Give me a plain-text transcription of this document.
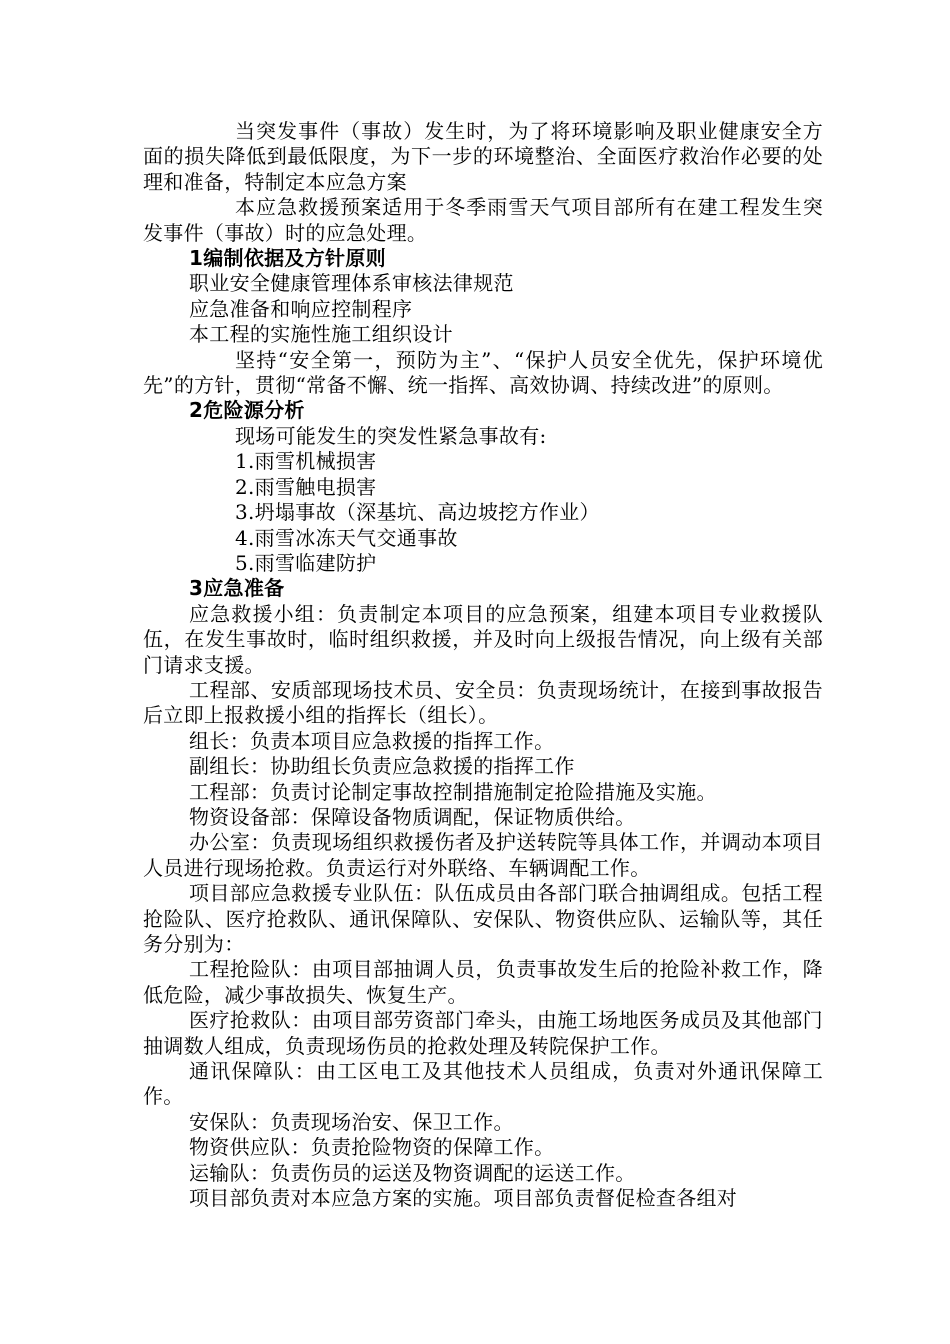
当突发事件（事故）发生时，为了将环境影响及职业健康安全方面的损失降低到最低限度，为下一步的环境整治、全面医疗救治作必要的处理和准备，特制定本应急方案

本应急救援预案适用于冬季雨雪天气项目部所有在建工程发生突发事件（事故）时的应急处理。

1编制依据及方针原则

职业安全健康管理体系审核法律规范

应急准备和响应控制程序

本工程的实施性施工组织设计

坚持“安全第一，预防为主”、“保护人员安全优先，保护环境优先”的方针，贯彻“常备不懈、统一指挥、高效协调、持续改进”的原则。

2危险源分析

现场可能发生的突发性紧急事故有:

1.雨雪机械损害

2.雨雪触电损害

3.坍塌事故（深基坑、高边坡挖方作业）

4.雨雪冰冻天气交通事故

5.雨雪临建防护

3应急准备

应急救援小组：负责制定本项目的应急预案，组建本项目专业救援队伍，在发生事故时，临时组织救援，并及时向上级报告情况，向上级有关部门请求支援。

工程部、安质部现场技术员、安全员：负责现场统计，在接到事故报告后立即上报救援小组的指挥长（组长）。

组长：负责本项目应急救援的指挥工作。

副组长：协助组长负责应急救援的指挥工作

工程部：负责讨论制定事故控制措施制定抢险措施及实施。

物资设备部：保障设备物质调配，保证物质供给。

办公室：负责现场组织救援伤者及护送转院等具体工作，并调动本项目人员进行现场抢救。负责运行对外联络、车辆调配工作。

项目部应急救援专业队伍：队伍成员由各部门联合抽调组成。包括工程抢险队、医疗抢救队、通讯保障队、安保队、物资供应队、运输队等，其任务分别为：

工程抢险队：由项目部抽调人员，负责事故发生后的抢险补救工作，降低危险，减少事故损失、恢复生产。

医疗抢救队：由项目部劳资部门牵头，由施工场地医务成员及其他部门抽调数人组成，负责现场伤员的抢救处理及转院保护工作。

通讯保障队：由工区电工及其他技术人员组成，负责对外通讯保障工作。

安保队：负责现场治安、保卫工作。

物资供应队：负责抢险物资的保障工作。

运输队：负责伤员的运送及物资调配的运送工作。

项目部负责对本应急方案的实施。项目部负责督促检查各组对
